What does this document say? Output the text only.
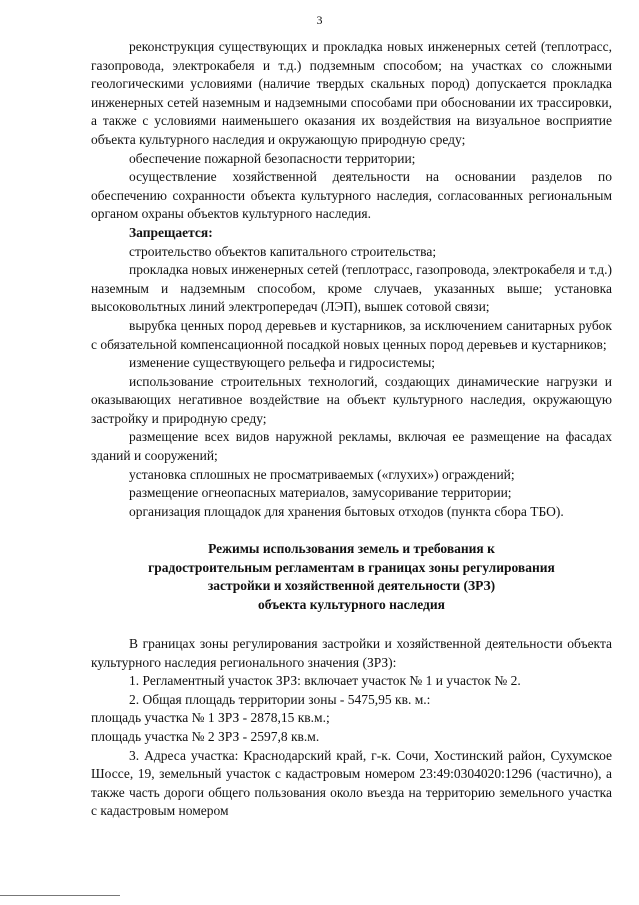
3

реконструкция существующих и прокладка новых инженерных сетей (теплотрасс, газопровода, электрокабеля и т.д.) подземным способом; на участках со сложными геологическими условиями (наличие твердых скальных пород) допускается прокладка инженерных сетей наземным и надземными способами при обосновании их трассировки, а также с условиями наименьшего оказания их воздействия на визуальное восприятие объекта культурного наследия и окружающую природную среду;

обеспечение пожарной безопасности территории;

осуществление хозяйственной деятельности на основании разделов по обеспечению сохранности объекта культурного наследия, согласованных региональным органом охраны объектов культурного наследия.

Запрещается:

строительство объектов капитального строительства;

прокладка новых инженерных сетей (теплотрасс, газопровода, электрокабеля и т.д.) наземным и надземным способом, кроме случаев, указанных выше; установка высоковольтных линий электропередач (ЛЭП), вышек сотовой связи;

вырубка ценных пород деревьев и кустарников, за исключением санитарных рубок с обязательной компенсационной посадкой новых ценных пород деревьев и кустарников;

изменение существующего рельефа и гидросистемы;

использование строительных технологий, создающих динамические нагрузки и оказывающих негативное воздействие на объект культурного наследия, окружающую застройку и природную среду;

размещение всех видов наружной рекламы, включая ее размещение на фасадах зданий и сооружений;

установка сплошных не просматриваемых («глухих») ограждений;

размещение огнеопасных материалов, замусоривание территории;

организация площадок для хранения бытовых отходов (пункта сбора ТБО).

Режимы использования земель и требования к
градостроительным регламентам в границах зоны регулирования
застройки и хозяйственной деятельности (ЗРЗ)
объекта культурного наследия

В границах зоны регулирования застройки и хозяйственной деятельности объекта культурного наследия регионального значения (ЗРЗ):

1. Регламентный участок ЗРЗ: включает участок № 1 и участок № 2.

2. Общая площадь территории зоны - 5475,95 кв. м.:

площадь участка № 1 ЗРЗ - 2878,15 кв.м.;

площадь участка № 2 ЗРЗ - 2597,8 кв.м.

3. Адреса участка: Краснодарский край, г-к. Сочи, Хостинский район, Сухумское Шоссе, 19, земельный участок с кадастровым номером 23:49:0304020:1296 (частично), а также часть дороги общего пользования около въезда на территорию земельного участка с кадастровым номером
